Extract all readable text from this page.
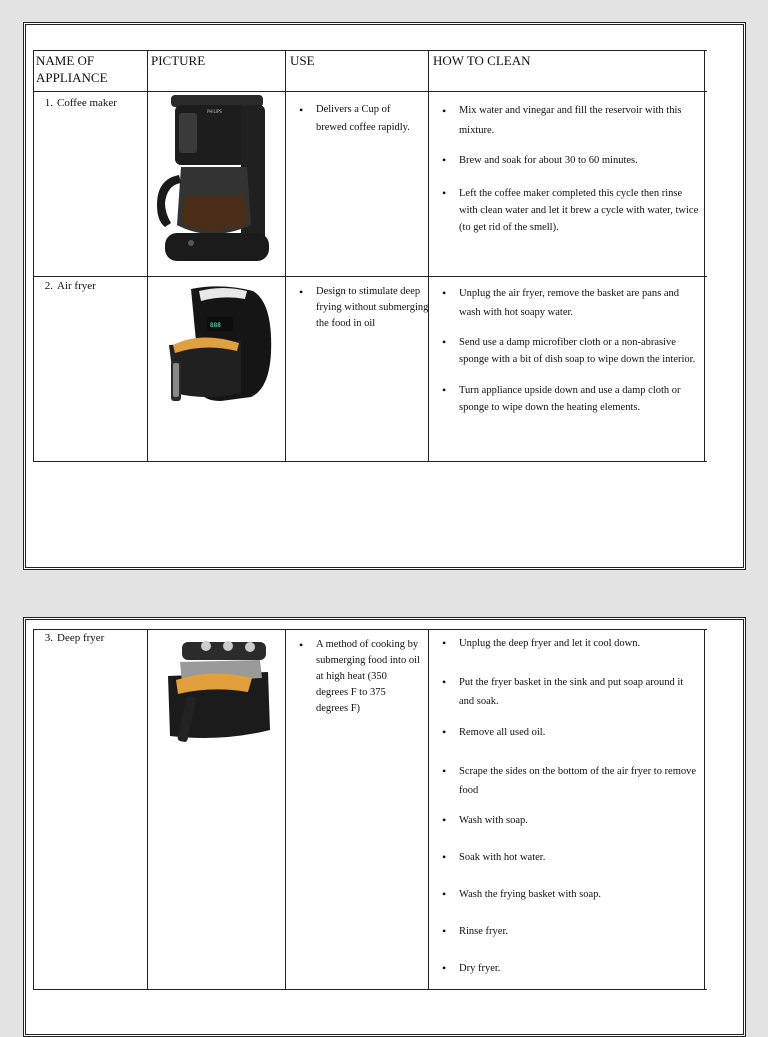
NAME OF APPLIANCE
PICTURE	USE	HOW TO CLEAN
1. Coffee maker
PHILIPS
•	Delivers a Cup of brewed coffee rapidly.
• Mix water and vinegar and fill the reservoir with this mixture.
• Brew and soak for about 30 to 60 minutes.
• Left the coffee maker completed this cycle then rinse with clean water and let it brew a cycle with water, twice (to get rid of the smell).
2. Air fryer
888
• Design to stimulate deep frying without submerging the food in oil
• Unplug the air fryer, remove the basket are pans and wash with hot soapy water.
• Send use a damp microfiber cloth or a non-abrasive sponge with a bit of dish soap to wipe down the interior.
• Turn appliance upside down and use a damp cloth or sponge to wipe down the heating elements.
3. Deep fryer
• A method of cooking by submerging food into oil at high heat (350 degrees F to 375 degrees F)
• Unplug the deep fryer and let it cool down.
• Put the fryer basket in the sink and put soap around it and soak.
• Remove all used oil.
• Scrape the sides on the bottom of the air fryer to remove food
• Wash with soap.
• Soak with hot water.
• Wash the frying basket with soap.
• Rinse fryer.
• Dry fryer.
